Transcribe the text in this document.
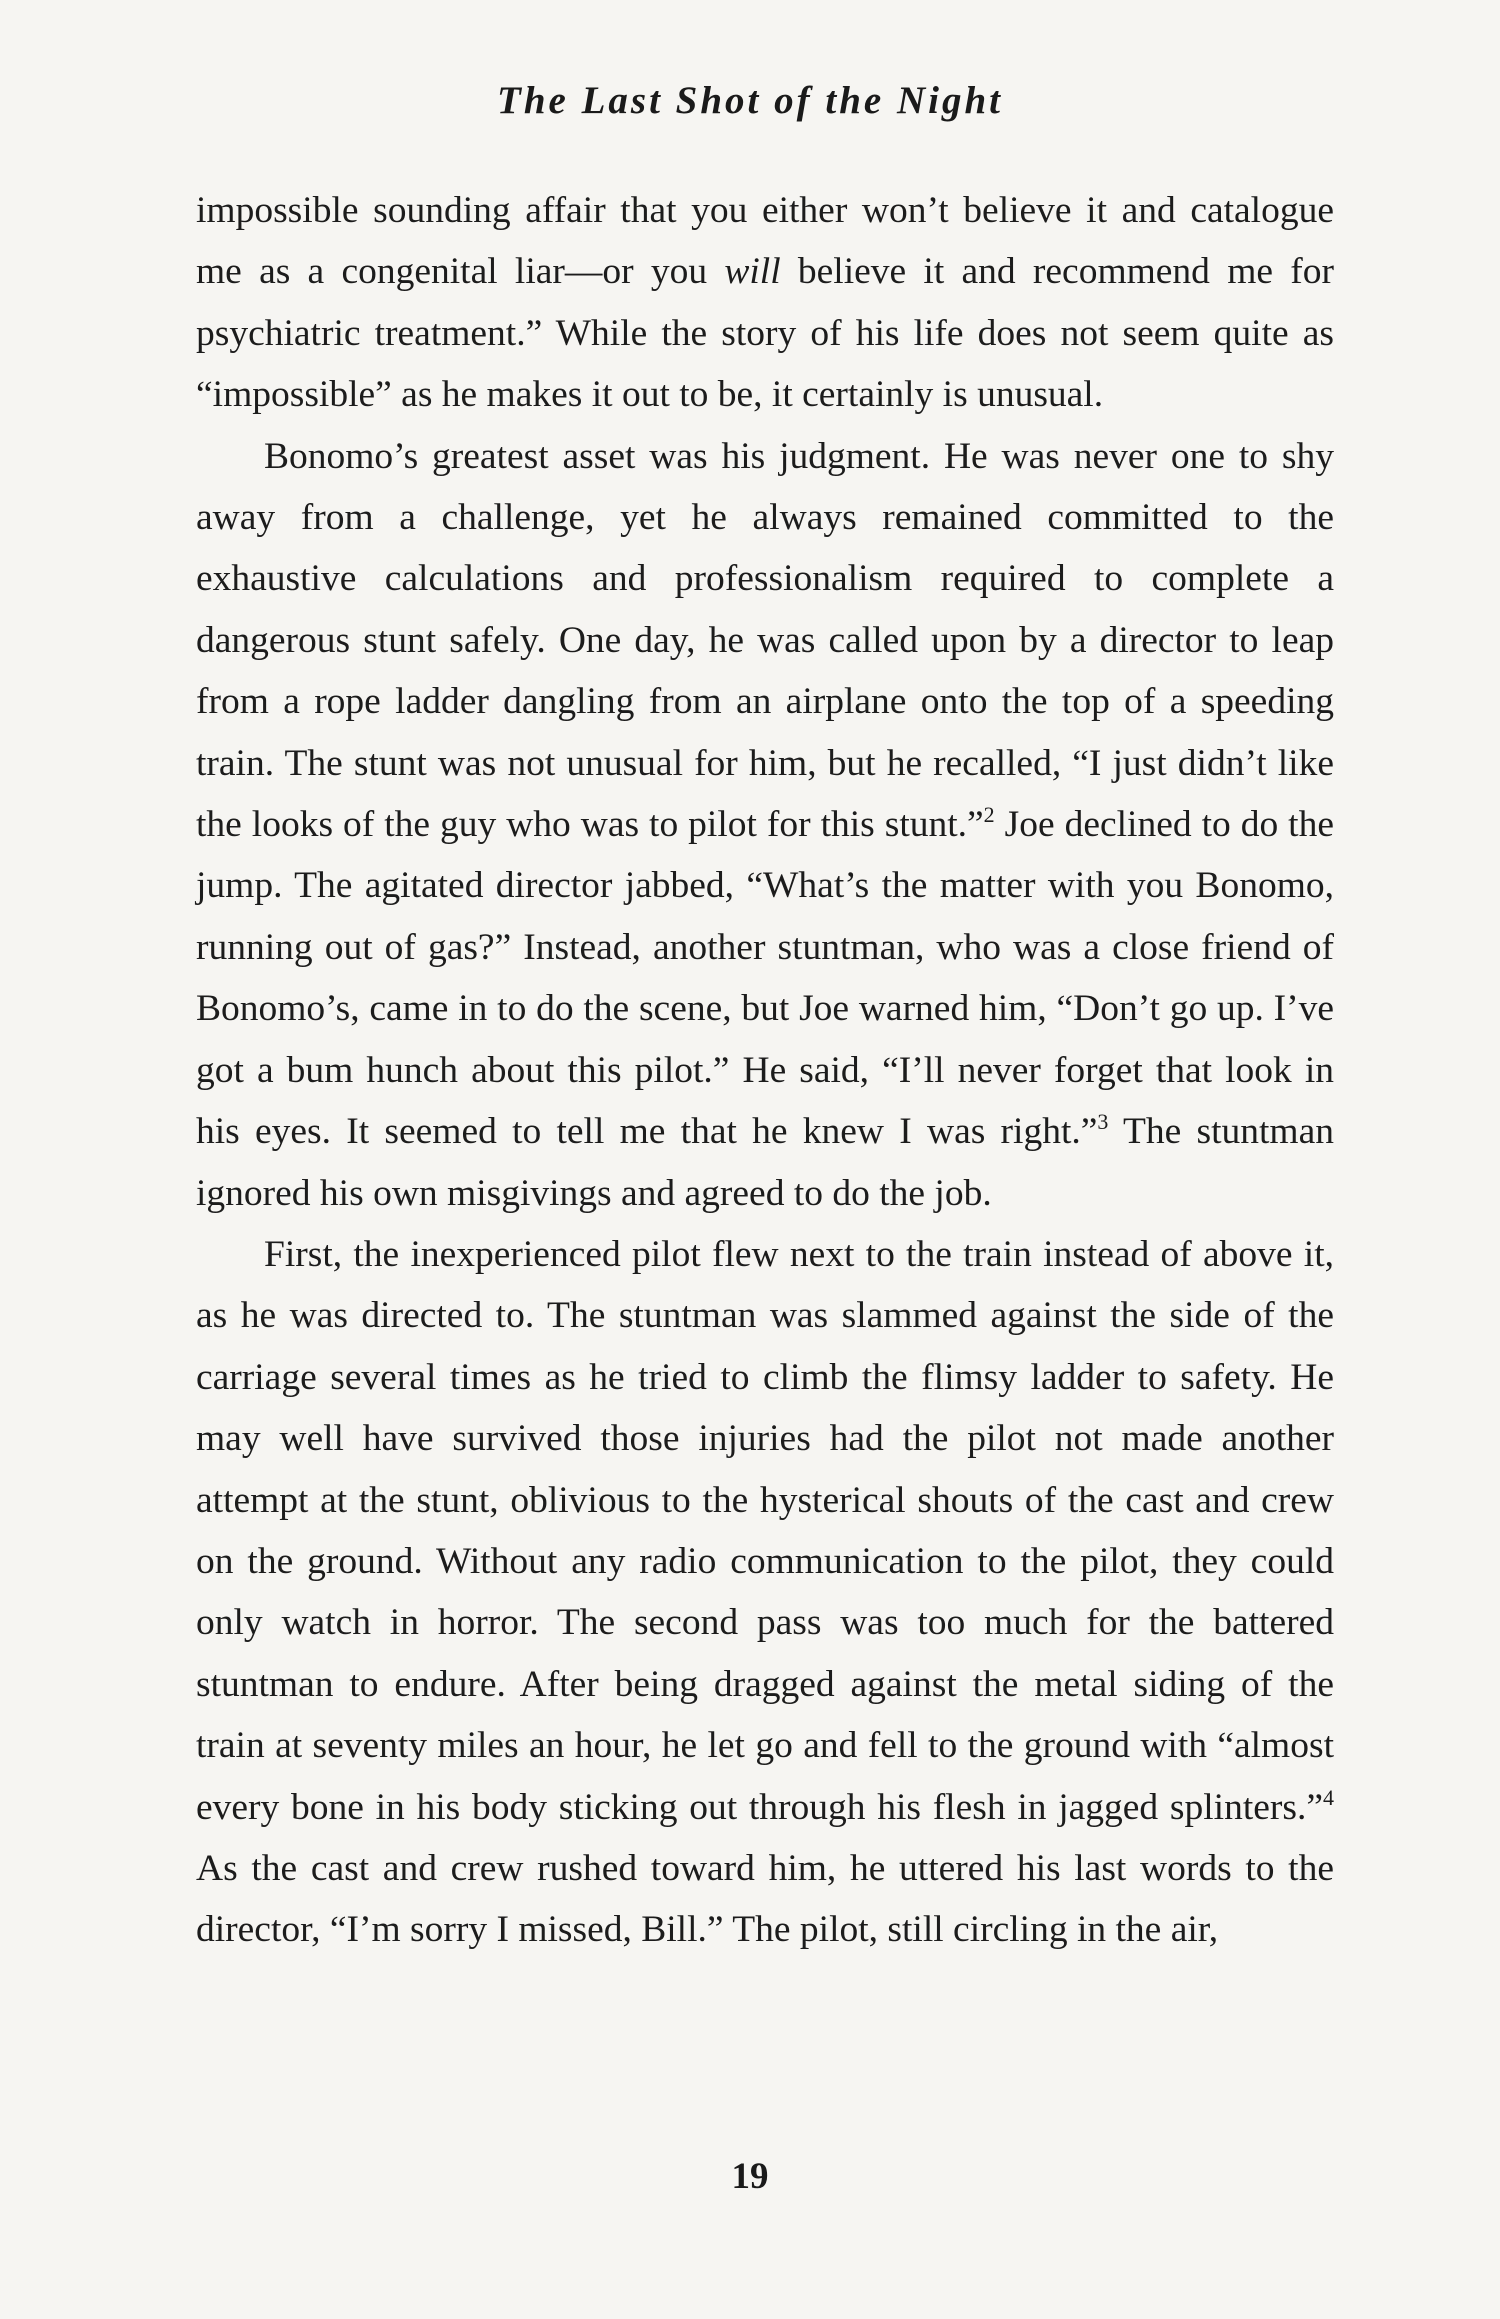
The Last Shot of the Night

impossible sounding affair that you either won’t believe it and catalogue me as a congenital liar—or you will believe it and recommend me for psychiatric treatment.” While the story of his life does not seem quite as “impossible” as he makes it out to be, it certainly is unusual.

Bonomo’s greatest asset was his judgment. He was never one to shy away from a challenge, yet he always remained committed to the exhaustive calculations and professionalism required to complete a dangerous stunt safely. One day, he was called upon by a director to leap from a rope ladder dangling from an airplane onto the top of a speeding train. The stunt was not unusual for him, but he recalled, “I just didn’t like the looks of the guy who was to pilot for this stunt.”$^2$ Joe declined to do the jump. The agitated director jabbed, “What’s the matter with you Bonomo, running out of gas?” Instead, another stuntman, who was a close friend of Bonomo’s, came in to do the scene, but Joe warned him, “Don’t go up. I’ve got a bum hunch about this pilot.” He said, “I’ll never forget that look in his eyes. It seemed to tell me that he knew I was right.”$^3$ The stuntman ignored his own misgivings and agreed to do the job.

First, the inexperienced pilot flew next to the train instead of above it, as he was directed to. The stuntman was slammed against the side of the carriage several times as he tried to climb the flimsy ladder to safety. He may well have survived those injuries had the pilot not made another attempt at the stunt, oblivious to the hysterical shouts of the cast and crew on the ground. Without any radio communication to the pilot, they could only watch in horror. The second pass was too much for the battered stuntman to endure. After being dragged against the metal siding of the train at seventy miles an hour, he let go and fell to the ground with “almost every bone in his body sticking out through his flesh in jagged splinters.”$^4$ As the cast and crew rushed toward him, he uttered his last words to the director, “I’m sorry I missed, Bill.” The pilot, still circling in the air,

19
